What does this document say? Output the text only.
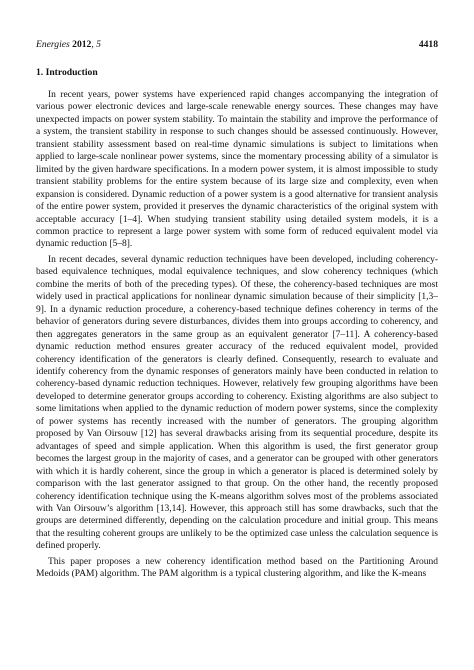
Energies 2012, 5	4418
1. Introduction

In recent years, power systems have experienced rapid changes accompanying the integration of various power electronic devices and large-scale renewable energy sources. These changes may have unexpected impacts on power system stability. To maintain the stability and improve the performance of a system, the transient stability in response to such changes should be assessed continuously. However, transient stability assessment based on real-time dynamic simulations is subject to limitations when applied to large-scale nonlinear power systems, since the momentary processing ability of a simulator is limited by the given hardware specifications. In a modern power system, it is almost impossible to study transient stability problems for the entire system because of its large size and complexity, even when expansion is considered. Dynamic reduction of a power system is a good alternative for transient analysis of the entire power system, provided it preserves the dynamic characteristics of the original system with acceptable accuracy [1–4]. When studying transient stability using detailed system models, it is a common practice to represent a large power system with some form of reduced equivalent model via dynamic reduction [5–8].

In recent decades, several dynamic reduction techniques have been developed, including coherency-based equivalence techniques, modal equivalence techniques, and slow coherency techniques (which combine the merits of both of the preceding types). Of these, the coherency-based techniques are most widely used in practical applications for nonlinear dynamic simulation because of their simplicity [1,3–9]. In a dynamic reduction procedure, a coherency-based technique defines coherency in terms of the behavior of generators during severe disturbances, divides them into groups according to coherency, and then aggregates generators in the same group as an equivalent generator [7–11]. A coherency-based dynamic reduction method ensures greater accuracy of the reduced equivalent model, provided coherency identification of the generators is clearly defined. Consequently, research to evaluate and identify coherency from the dynamic responses of generators mainly have been conducted in relation to coherency-based dynamic reduction techniques. However, relatively few grouping algorithms have been developed to determine generator groups according to coherency. Existing algorithms are also subject to some limitations when applied to the dynamic reduction of modern power systems, since the complexity of power systems has recently increased with the number of generators. The grouping algorithm proposed by Van Oirsouw [12] has several drawbacks arising from its sequential procedure, despite its advantages of speed and simple application. When this algorithm is used, the first generator group becomes the largest group in the majority of cases, and a generator can be grouped with other generators with which it is hardly coherent, since the group in which a generator is placed is determined solely by comparison with the last generator assigned to that group. On the other hand, the recently proposed coherency identification technique using the K-means algorithm solves most of the problems associated with Van Oirsouw’s algorithm [13,14]. However, this approach still has some drawbacks, such that the groups are determined differently, depending on the calculation procedure and initial group. This means that the resulting coherent groups are unlikely to be the optimized case unless the calculation sequence is defined properly.

This paper proposes a new coherency identification method based on the Partitioning Around Medoids (PAM) algorithm. The PAM algorithm is a typical clustering algorithm, and like the K-means
